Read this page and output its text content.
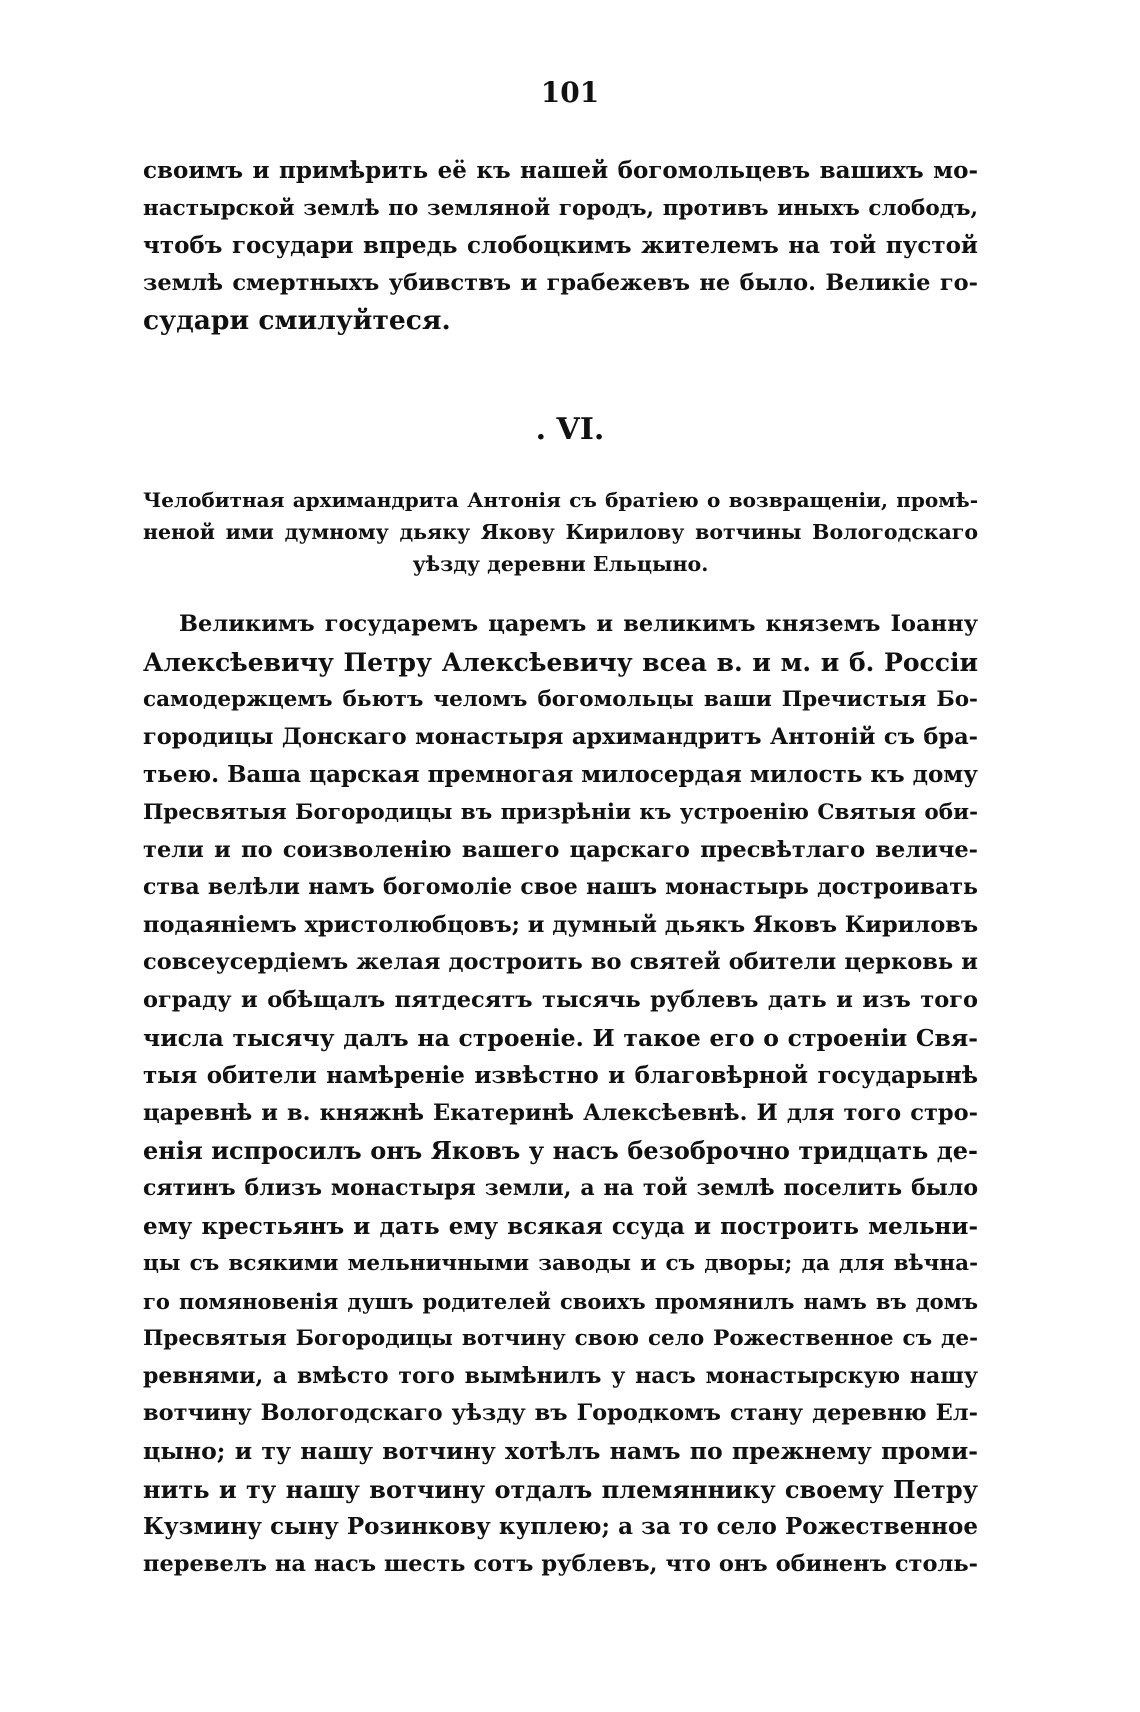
101
своимъ и примѣрить её къ нашей богомольцевъ вашихъ мо-
настырской землѣ по земляной городъ, противъ иныхъ слободъ,
чтобъ государи впредь слобоцкимъ жителемъ на той пустой
землѣ смертныхъ убивствъ и грабежевъ не было. Великіе го-
судари смилуйтеся.
. VI.
Челобитная архимандрита Антонія съ братіею о возвращеніи, промѣ-
неной ими думному дьяку Якову Кирилову вотчины Вологодскаго
уѣзду деревни Ельцыно.
Великимъ государемъ царемъ и великимъ княземъ Іоанну
Алексѣевичу Петру Алексѣевичу всеа в. и м. и б. Россіи
самодержцемъ бьютъ челомъ богомольцы ваши Пречистыя Бо-
городицы Донскаго монастыря архимандритъ Антоній съ бра-
тьею. Ваша царская премногая милосердая милость къ дому
Пресвятыя Богородицы въ призрѣніи къ устроенію Святыя оби-
тели и по соизволенію вашего царскаго пресвѣтлаго величе-
ства велѣли намъ богомоліе свое нашъ монастырь достроивать
подаяніемъ христолюбцовъ; и думный дьякъ Яковъ Кириловъ
совсеусердіемъ желая достроить во святей обители церковь и
ограду и обѣщалъ пятдесятъ тысячь рублевъ дать и изъ того
числа тысячу далъ на строеніе. И такое его о строеніи Свя-
тыя обители намѣреніе извѣстно и благовѣрной государынѣ
царевнѣ и в. княжнѣ Екатеринѣ Алексѣевнѣ. И для того стро-
енія испросилъ онъ Яковъ у насъ безоброчно тридцать де-
сятинъ близъ монастыря земли, а на той землѣ поселить было
ему крестьянъ и дать ему всякая ссуда и построить мельни-
цы съ всякими мельничными заводы и съ дворы; да для вѣчна-
го помяновенія душъ родителей своихъ промянилъ намъ въ домъ
Пресвятыя Богородицы вотчину свою село Рожественное съ де-
ревнями, а вмѣсто того вымѣнилъ у насъ монастырскую нашу
вотчину Вологодскаго уѣзду въ Городкомъ стану деревню Ел-
цыно; и ту нашу вотчину хотѣлъ намъ по прежнему проми-
нить и ту нашу вотчину отдалъ племяннику своему Петру
Кузмину сыну Розинкову куплею; а за то село Рожественное
перевелъ на насъ шесть сотъ рублевъ, что онъ обиненъ столь-
